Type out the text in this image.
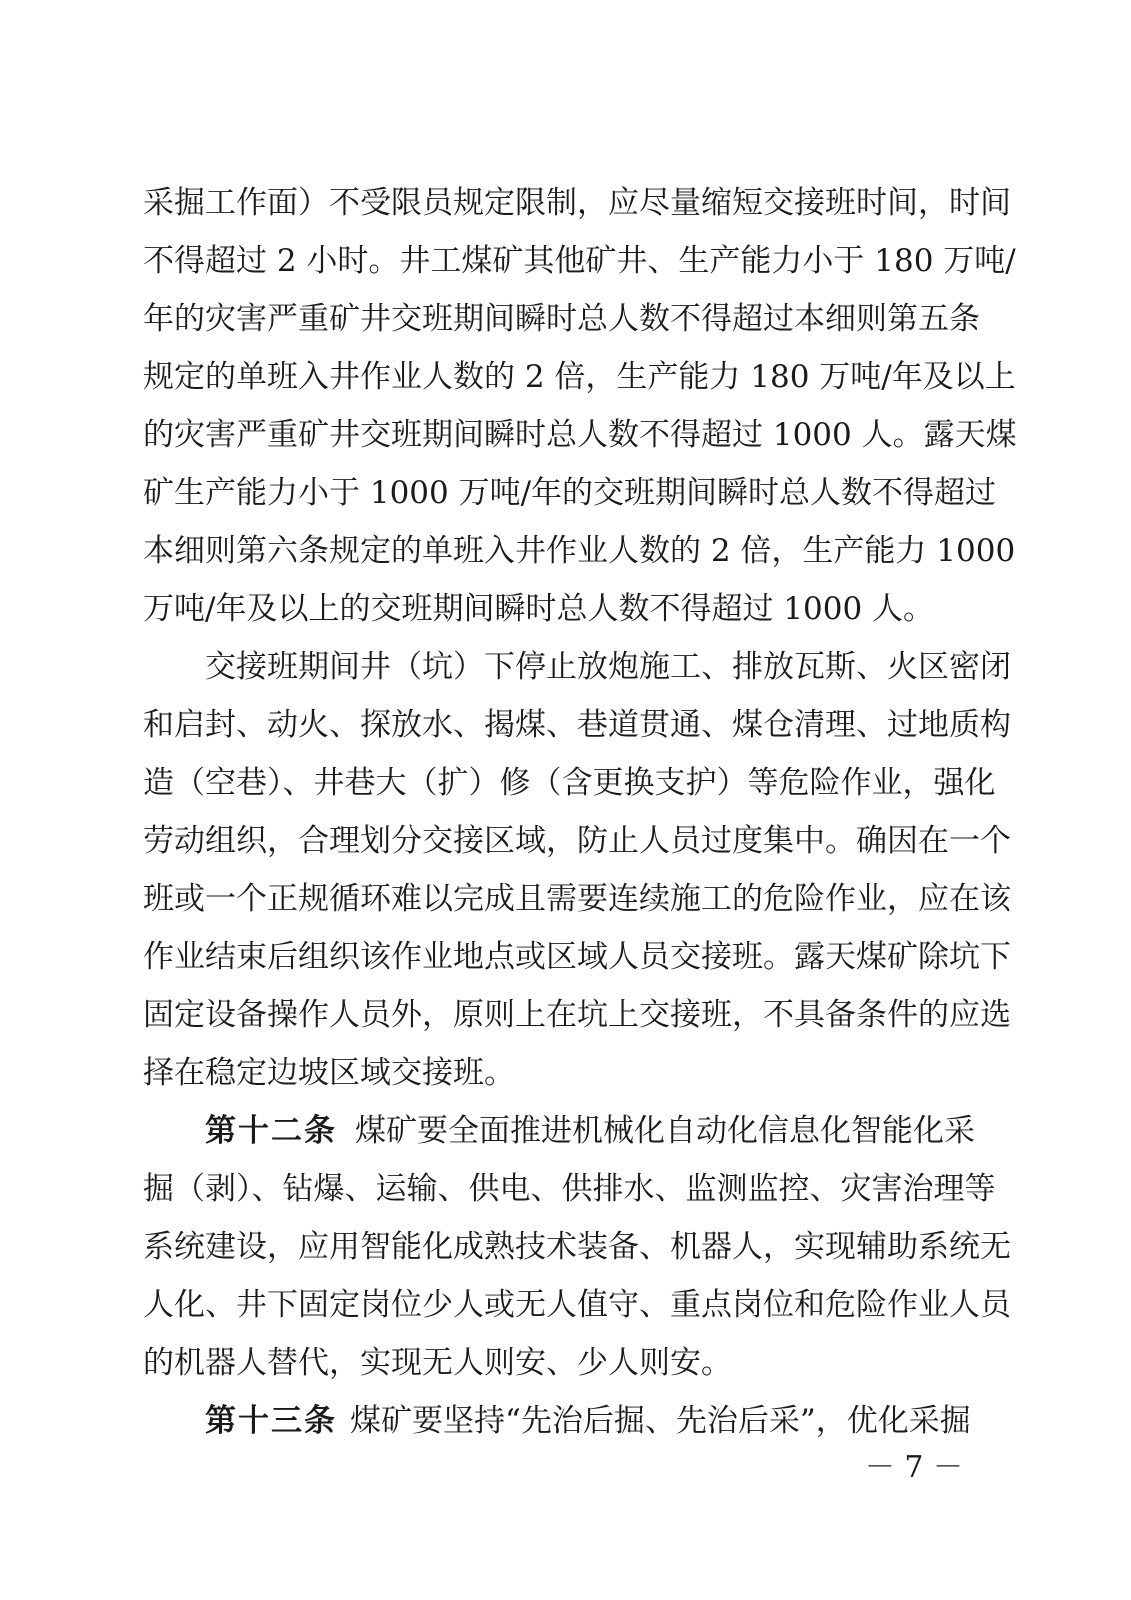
采掘工作面）不受限员规定限制，应尽量缩短交接班时间，时间
不得超过 2 小时。井工煤矿其他矿井、生产能力小于 180 万吨/
年的灾害严重矿井交班期间瞬时总人数不得超过本细则第五条
规定的单班入井作业人数的 2 倍，生产能力 180 万吨/年及以上
的灾害严重矿井交班期间瞬时总人数不得超过 1000 人。露天煤
矿生产能力小于 1000 万吨/年的交班期间瞬时总人数不得超过
本细则第六条规定的单班入井作业人数的 2 倍，生产能力 1000
万吨/年及以上的交班期间瞬时总人数不得超过 1000 人。
交接班期间井（坑）下停止放炮施工、排放瓦斯、火区密闭
和启封、动火、探放水、揭煤、巷道贯通、煤仓清理、过地质构
造（空巷）、井巷大（扩）修（含更换支护）等危险作业，强化
劳动组织，合理划分交接区域，防止人员过度集中。确因在一个
班或一个正规循环难以完成且需要连续施工的危险作业，应在该
作业结束后组织该作业地点或区域人员交接班。露天煤矿除坑下
固定设备操作人员外，原则上在坑上交接班，不具备条件的应选
择在稳定边坡区域交接班。
第十二条 煤矿要全面推进机械化自动化信息化智能化采
掘（剥）、钻爆、运输、供电、供排水、监测监控、灾害治理等
系统建设，应用智能化成熟技术装备、机器人，实现辅助系统无
人化、井下固定岗位少人或无人值守、重点岗位和危险作业人员
的机器人替代，实现无人则安、少人则安。
第十三条 煤矿要坚持“先治后掘、先治后采”，优化采掘
－ 7 －
